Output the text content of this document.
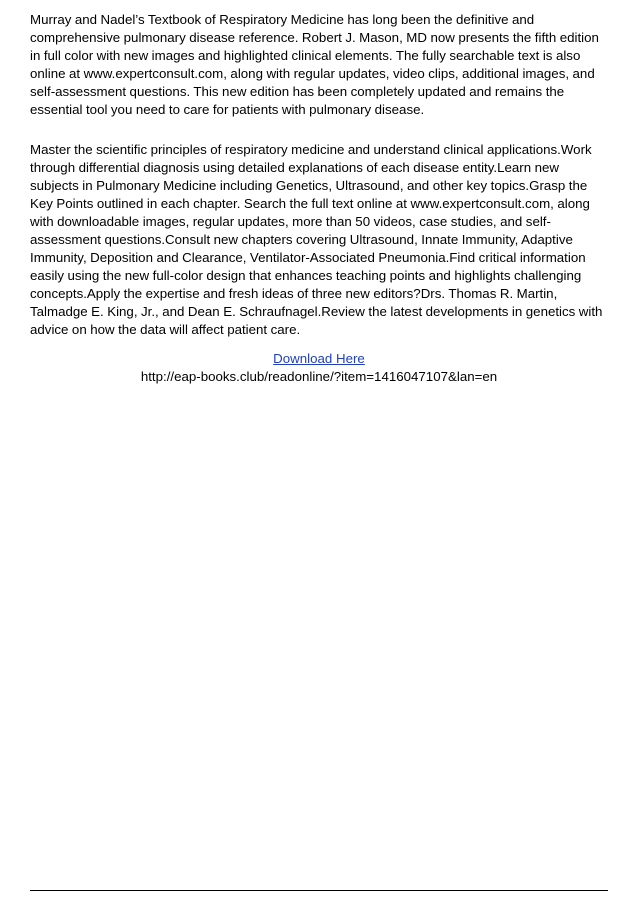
Murray and Nadel’s Textbook of Respiratory Medicine has long been the definitive and comprehensive pulmonary disease reference. Robert J. Mason, MD now presents the fifth edition in full color with new images and highlighted clinical elements. The fully searchable text is also online at www.expertconsult.com, along with regular updates, video clips, additional images, and self-assessment questions. This new edition has been completely updated and remains the essential tool you need to care for patients with pulmonary disease.

Master the scientific principles of respiratory medicine and understand clinical applications.Work through differential diagnosis using detailed explanations of each disease entity.Learn new subjects in Pulmonary Medicine including Genetics, Ultrasound, and other key topics.Grasp the Key Points outlined in each chapter. Search the full text online at www.expertconsult.com, along with downloadable images, regular updates, more than 50 videos, case studies, and self-assessment questions.Consult new chapters covering Ultrasound, Innate Immunity, Adaptive Immunity, Deposition and Clearance, Ventilator-Associated Pneumonia.Find critical information easily using the new full-color design that enhances teaching points and highlights challenging concepts.Apply the expertise and fresh ideas of three new editors?Drs. Thomas R. Martin, Talmadge E. King, Jr., and Dean E. Schraufnagel.Review the latest developments in genetics with advice on how the data will affect patient care.

Download Here
http://eap-books.club/readonline/?item=1416047107&lan=en
